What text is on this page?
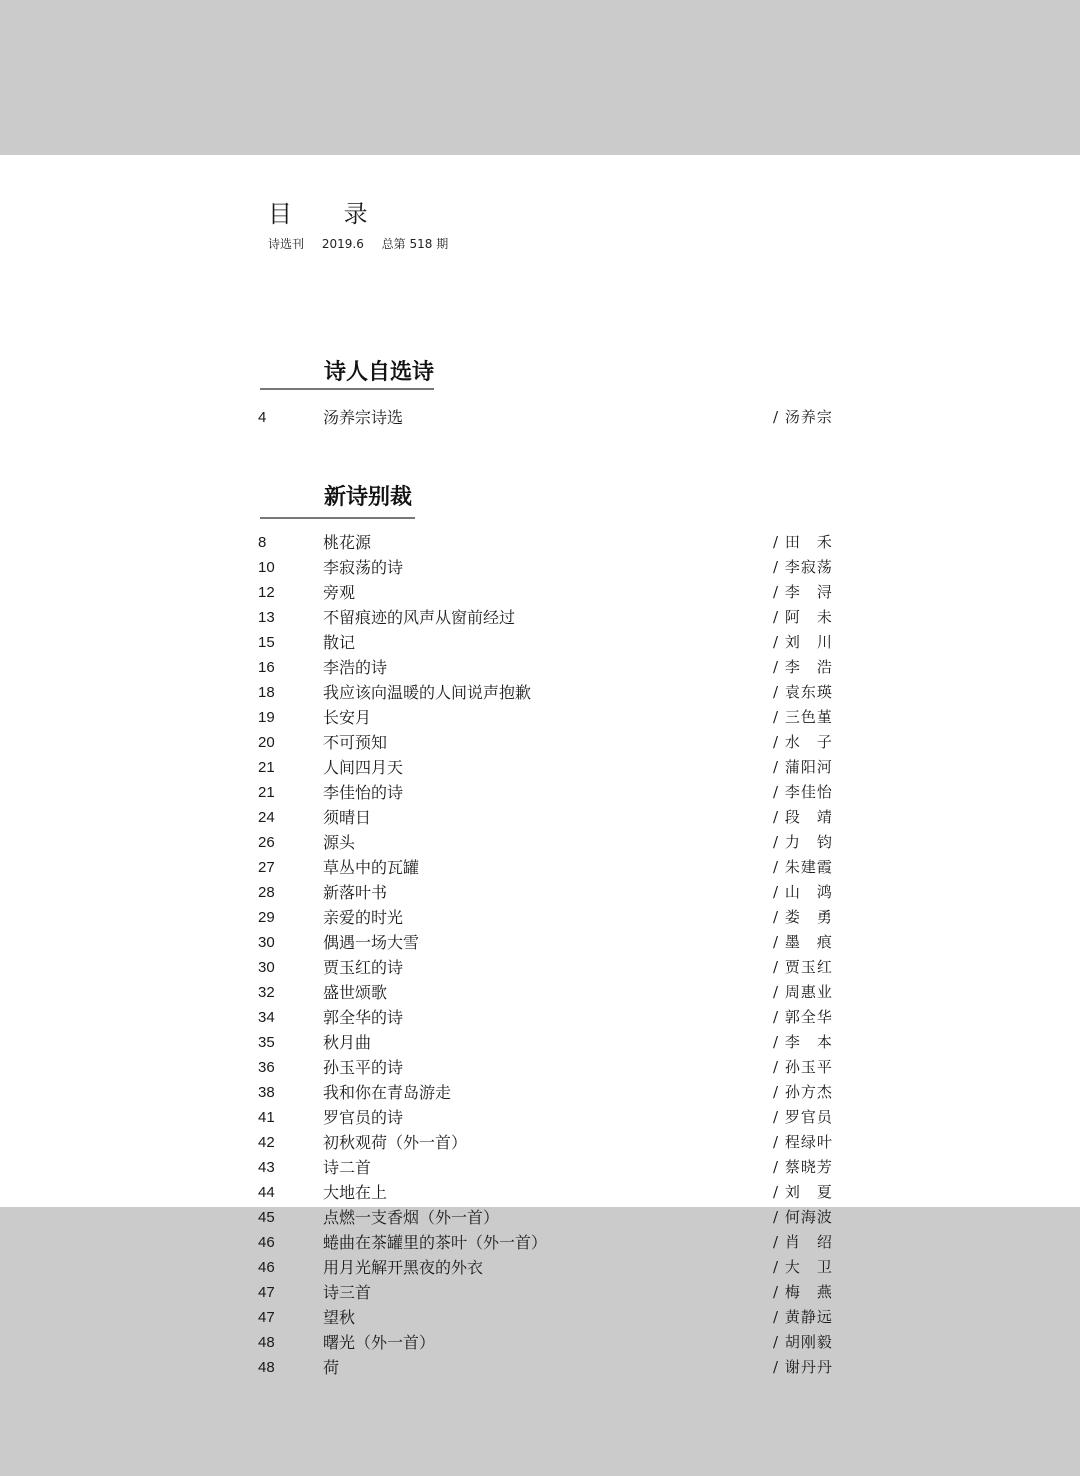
目 录
诗选刊 2019.6 总第 518 期
诗人自选诗
4	汤养宗诗选	/ 汤养宗
新诗别裁
8	桃花源	/ 田　禾
10	李寂荡的诗	/ 李寂荡
12	旁观	/ 李　浔
13	不留痕迹的风声从窗前经过	/ 阿　未
15	散记	/ 刘　川
16	李浩的诗	/ 李　浩
18	我应该向温暖的人间说声抱歉	/ 袁东瑛
19	长安月	/ 三色堇
20	不可预知	/ 水　子
21	人间四月天	/ 蒲阳河
21	李佳怡的诗	/ 李佳怡
24	须晴日	/ 段　靖
26	源头	/ 力　钧
27	草丛中的瓦罐	/ 朱建霞
28	新落叶书	/ 山　鸿
29	亲爱的时光	/ 娄　勇
30	偶遇一场大雪	/ 墨　痕
30	贾玉红的诗	/ 贾玉红
32	盛世颂歌	/ 周惠业
34	郭全华的诗	/ 郭全华
35	秋月曲	/ 李　本
36	孙玉平的诗	/ 孙玉平
38	我和你在青岛游走	/ 孙方杰
41	罗官员的诗	/ 罗官员
42	初秋观荷（外一首）	/ 程绿叶
43	诗二首	/ 蔡晓芳
44	大地在上	/ 刘　夏
45	点燃一支香烟（外一首）	/ 何海波
46	蜷曲在茶罐里的茶叶（外一首）	/ 肖　绍
46	用月光解开黑夜的外衣	/ 大　卫
47	诗三首	/ 梅　燕
47	望秋	/ 黄静远
48	曙光（外一首）	/ 胡刚毅
48	荷	/ 谢丹丹
